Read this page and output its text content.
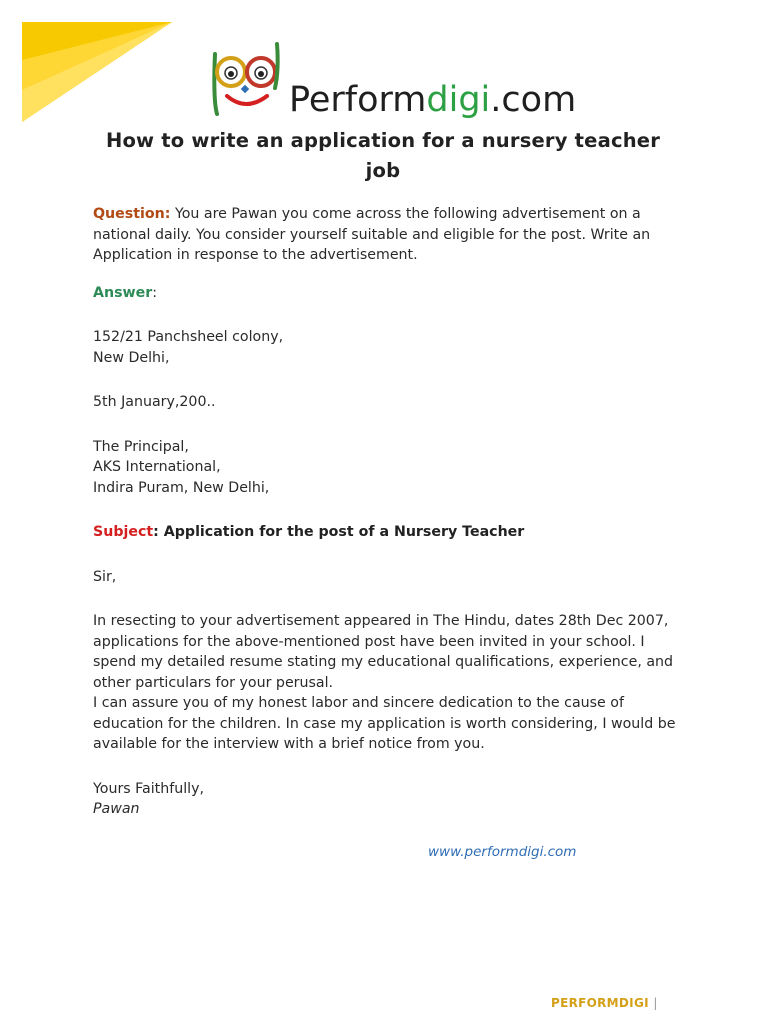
Performdigi.com
How to write an application for a nursery teacher job

Question: You are Pawan you come across the following advertisement on a national daily. You consider yourself suitable and eligible for the post. Write an Application in response to the advertisement.

Answer:

152/21 Panchsheel colony,

New Delhi,

5th January,200..

The Principal,

AKS International,

Indira Puram, New Delhi,

Subject: Application for the post of a Nursery Teacher

Sir,

In resecting to your advertisement appeared in The Hindu, dates 28th Dec 2007, applications for the above-mentioned post have been invited in your school. I spend my detailed resume stating my educational qualifications, experience, and other particulars for your perusal.

I can assure you of my honest labor and sincere dedication to the cause of education for the children. In case my application is worth considering, I would be available for the interview with a brief notice from you.

Yours Faithfully,

Pawan

www.performdigi.com
PERFORMDIGI |
